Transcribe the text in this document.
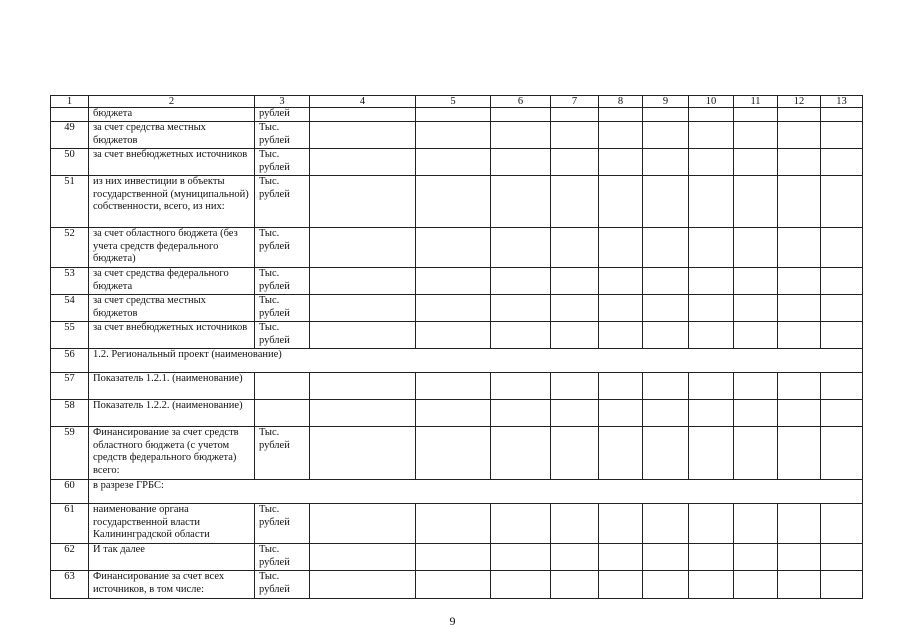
1	2	3	4	5	6	7	8	9	10	11	12	13
	бюджета	рублей										
49	за счет средства местных бюджетов	Тыс. рублей										
50	за счет внебюджетных источников	Тыс. рублей										
51	из них инвестиции в объекты государственной (муниципальной) собственности, всего, из них:	Тыс. рублей										
52	за счет областного бюджета (без учета средств федерального бюджета)	Тыс. рублей										
53	за счет средства федерального бюджета	Тыс. рублей										
54	за счет средства местных бюджетов	Тыс. рублей										
55	за счет внебюджетных источников	Тыс. рублей										
56	1.2. Региональный проект (наименование)											
57	Показатель 1.2.1. (наименование)											
58	Показатель 1.2.2. (наименование)											
59	Финансирование за счет средств областного бюджета (с учетом средств федерального бюджета) всего:	Тыс. рублей										
60	в разрезе ГРБС:											
61	наименование органа государственной власти Калининградской области	Тыс. рублей										
62	И так далее	Тыс. рублей										
63	Финансирование за счет всех источников, в том числе:	Тыс. рублей										
9
